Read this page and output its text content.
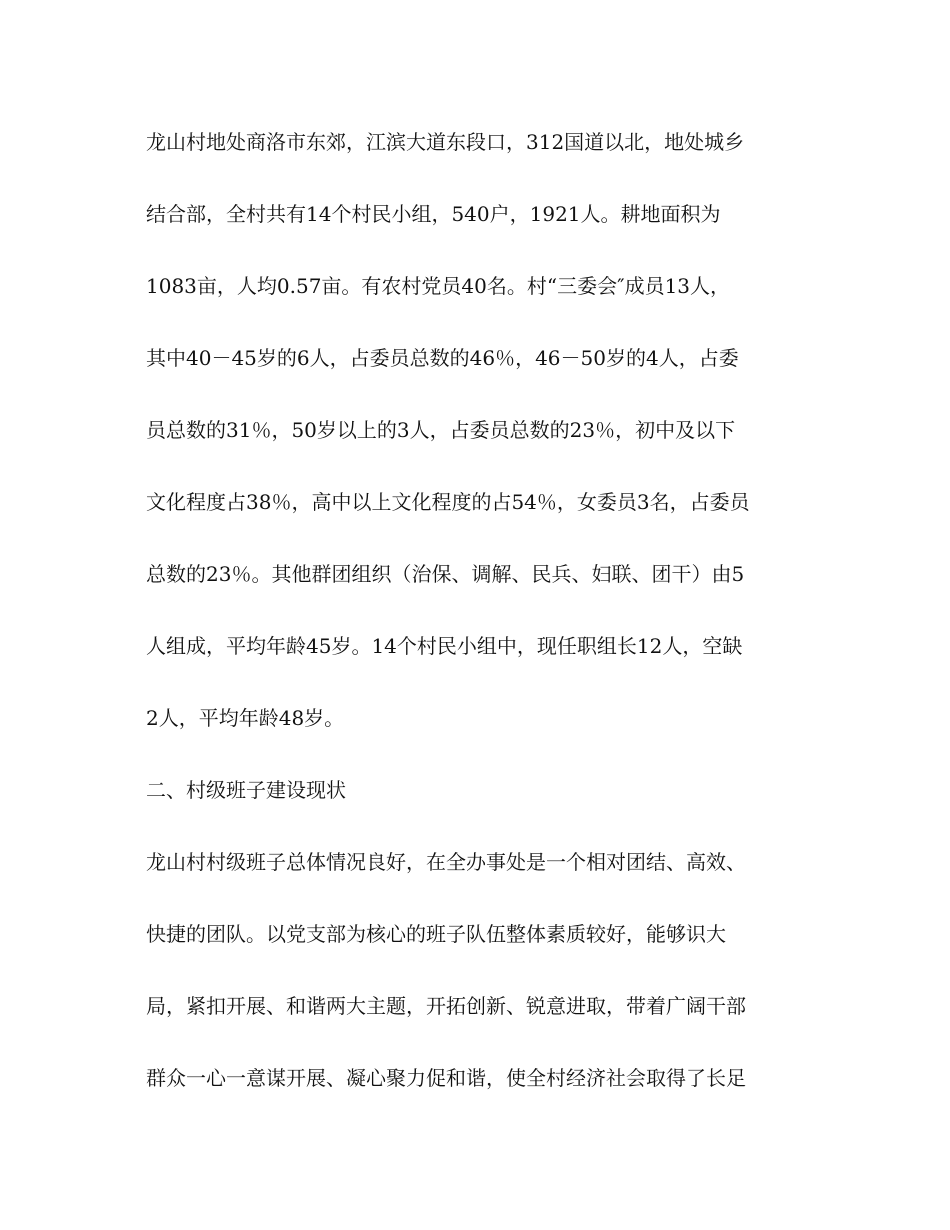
龙山村地处商洛市东郊，江滨大道东段口，312国道以北，地处城乡

结合部，全村共有14个村民小组，540户，1921人。耕地面积为

1083亩，人均0.57亩。有农村党员40名。村“三委会″成员13人，

其中40－45岁的6人，占委员总数的46％，46－50岁的4人，占委

员总数的31％，50岁以上的3人，占委员总数的23％，初中及以下

文化程度占38％，高中以上文化程度的占54％，女委员3名，占委员

总数的23％。其他群团组织（治保、调解、民兵、妇联、团干）由5

人组成，平均年龄45岁。14个村民小组中，现任职组长12人，空缺

2人，平均年龄48岁。

二、村级班子建设现状

龙山村村级班子总体情况良好，在全办事处是一个相对团结、高效、

快捷的团队。以党支部为核心的班子队伍整体素质较好，能够识大

局，紧扣开展、和谐两大主题，开拓创新、锐意进取，带着广阔干部

群众一心一意谋开展、凝心聚力促和谐，使全村经济社会取得了长足
